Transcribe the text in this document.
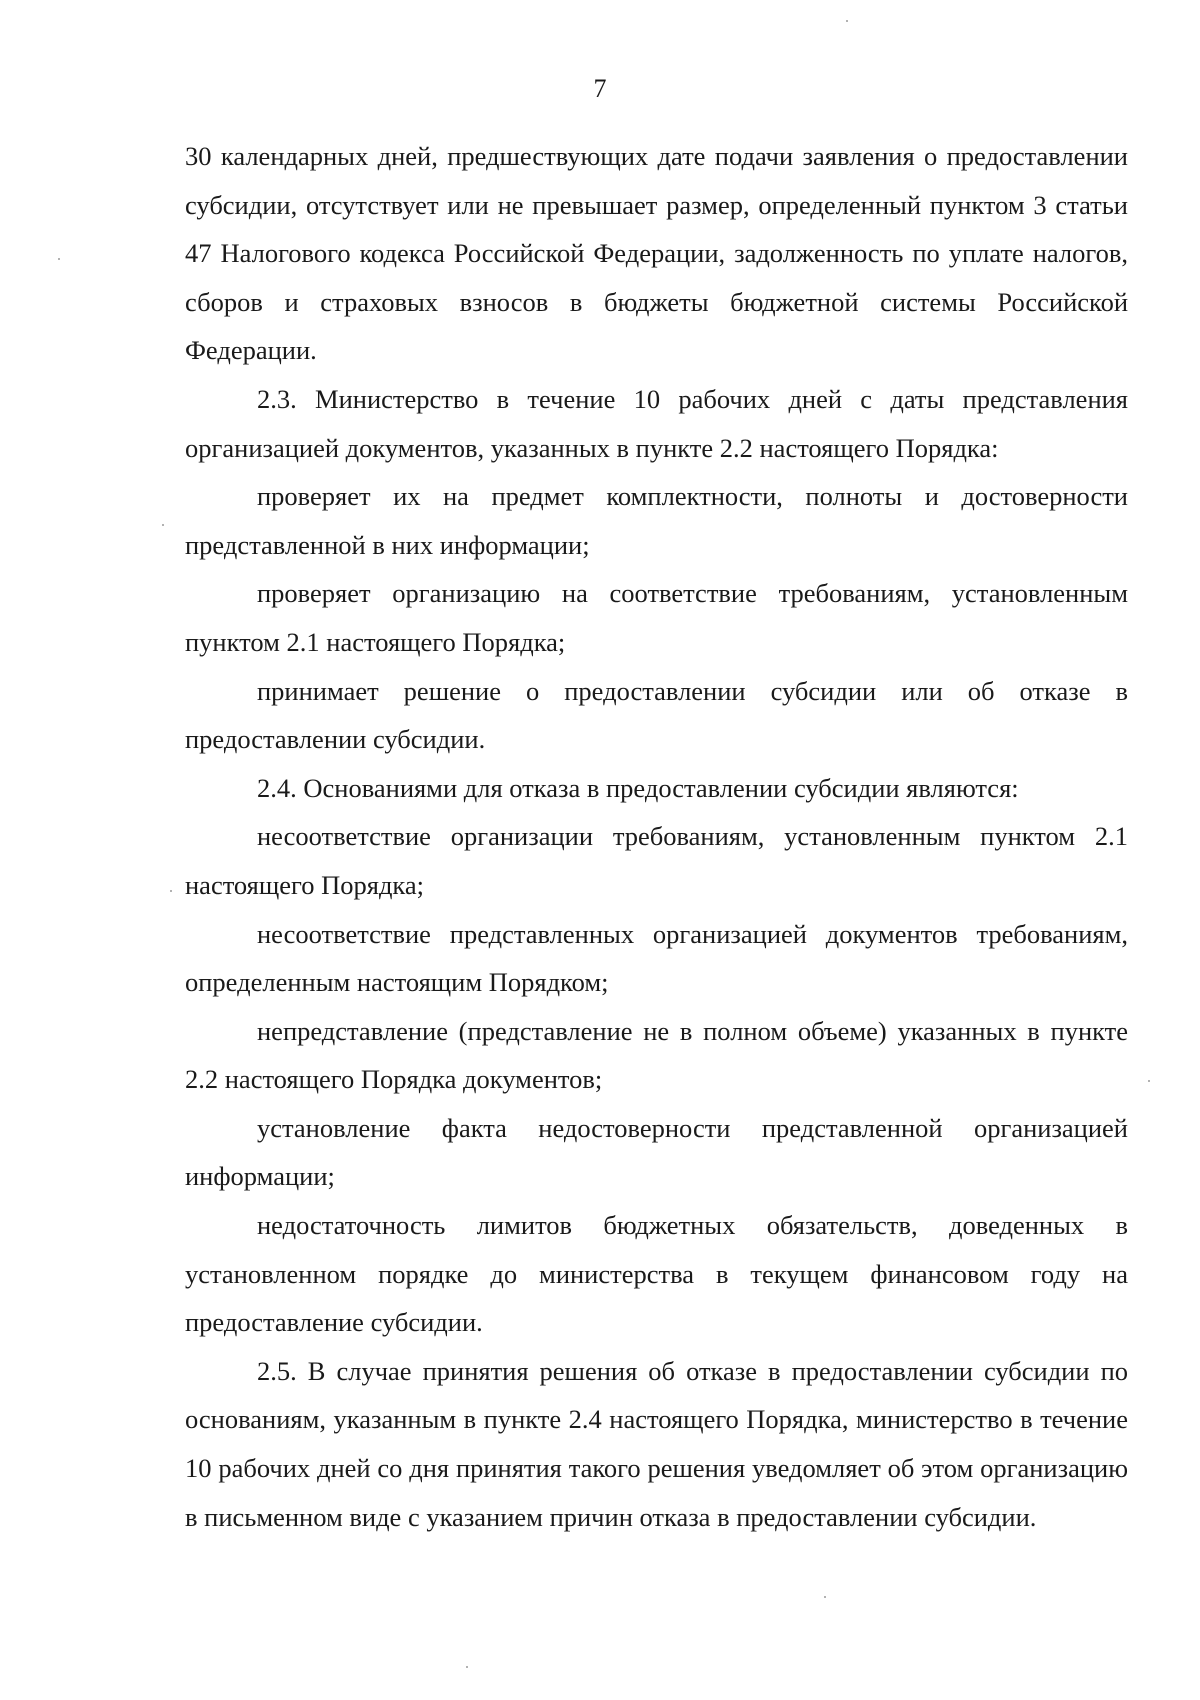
7

30 календарных дней, предшествующих дате подачи заявления о предоставлении субсидии, отсутствует или не превышает размер, определенный пунктом 3 статьи 47 Налогового кодекса Российской Федерации, задолженность по уплате налогов, сборов и страховых взносов в бюджеты бюджетной системы Российской Федерации.

2.3. Министерство в течение 10 рабочих дней с даты представления организацией документов, указанных в пункте 2.2 настоящего Порядка:

проверяет их на предмет комплектности, полноты и достоверности представленной в них информации;

проверяет организацию на соответствие требованиям, установленным пунктом 2.1 настоящего Порядка;

принимает решение о предоставлении субсидии или об отказе в предоставлении субсидии.

2.4. Основаниями для отказа в предоставлении субсидии являются:

несоответствие организации требованиям, установленным пунктом 2.1 настоящего Порядка;

несоответствие представленных организацией документов требованиям, определенным настоящим Порядком;

непредставление (представление не в полном объеме) указанных в пункте 2.2 настоящего Порядка документов;

установление факта недостоверности представленной организацией информации;

недостаточность лимитов бюджетных обязательств, доведенных в установленном порядке до министерства в текущем финансовом году на предоставление субсидии.

2.5. В случае принятия решения об отказе в предоставлении субсидии по основаниям, указанным в пункте 2.4 настоящего Порядка, министерство в течение 10 рабочих дней со дня принятия такого решения уведомляет об этом организацию в письменном виде с указанием причин отказа в предоставлении субсидии.
